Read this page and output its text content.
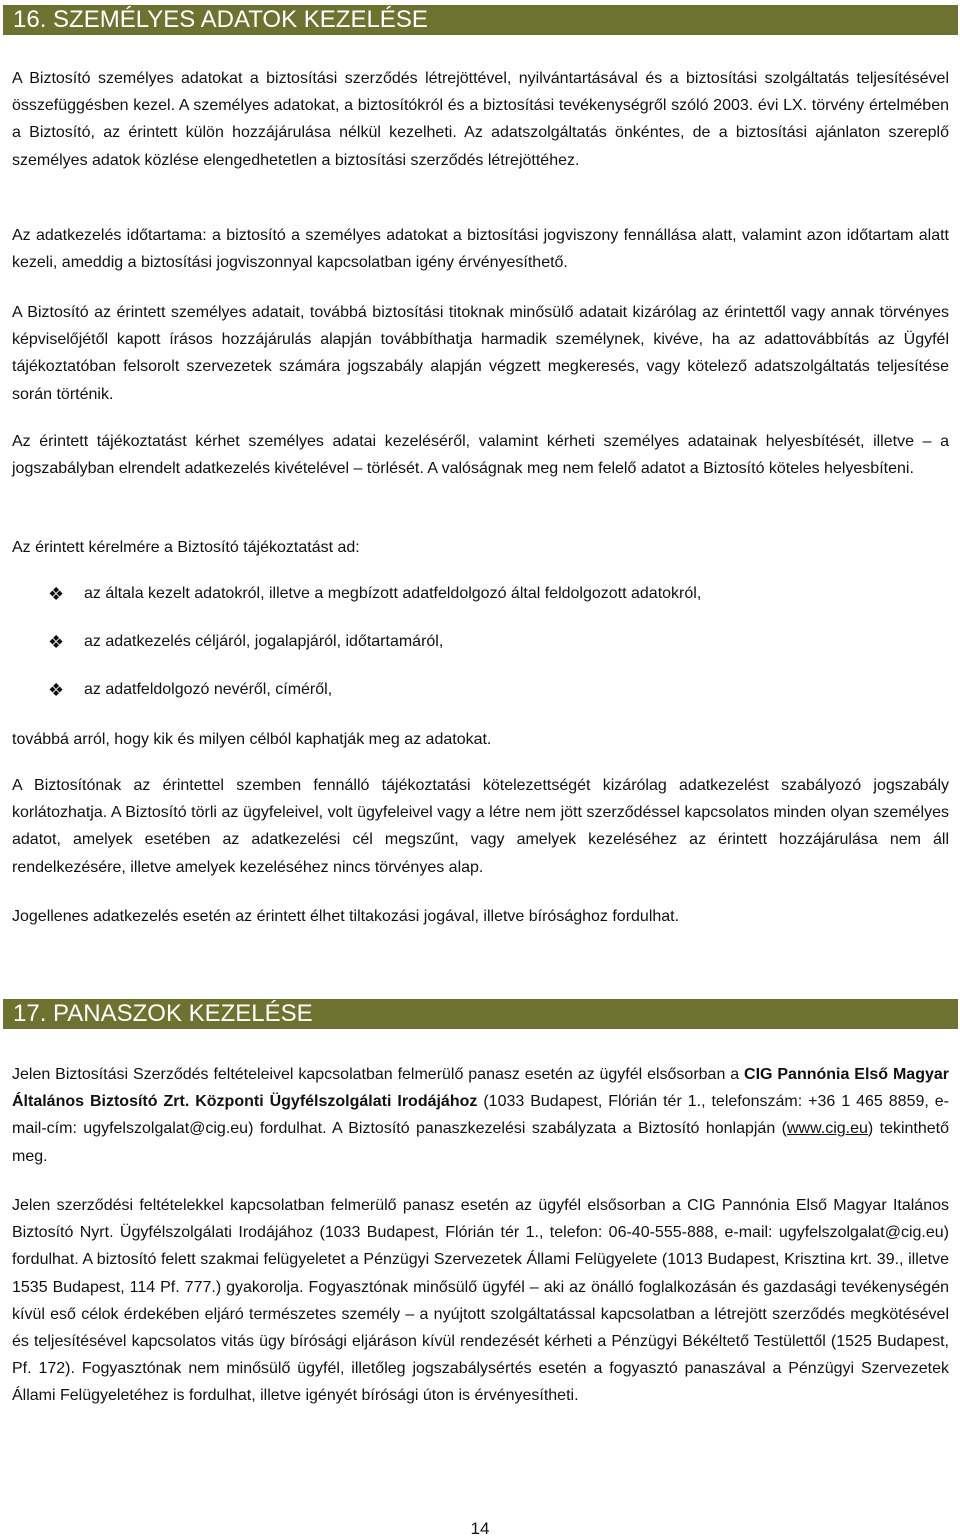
16. SZEMÉLYES ADATOK KEZELÉSE

A Biztosító személyes adatokat a biztosítási szerződés létrejöttével, nyilvántartásával és a biztosítási szolgáltatás teljesítésével összefüggésben kezel. A személyes adatokat, a biztosítókról és a biztosítási tevékenységről szóló 2003. évi LX. törvény értelmében a Biztosító, az érintett külön hozzájárulása nélkül kezelheti. Az adatszolgáltatás önkéntes, de a biztosítási ajánlaton szereplő személyes adatok közlése elengedhetetlen a biztosítási szerződés létrejöttéhez.

Az adatkezelés időtartama: a biztosító a személyes adatokat a biztosítási jogviszony fennállása alatt, valamint azon időtartam alatt kezeli, ameddig a biztosítási jogviszonnyal kapcsolatban igény érvényesíthető.

A Biztosító az érintett személyes adatait, továbbá biztosítási titoknak minősülő adatait kizárólag az érintettől vagy annak törvényes képviselőjétől kapott írásos hozzájárulás alapján továbbíthatja harmadik személynek, kivéve, ha az adattovábbítás az Ügyfél tájékoztatóban felsorolt szervezetek számára jogszabály alapján végzett megkeresés, vagy kötelező adatszolgáltatás teljesítése során történik.

Az érintett tájékoztatást kérhet személyes adatai kezeléséről, valamint kérheti személyes adatainak helyesbítését, illetve – a jogszabályban elrendelt adatkezelés kivételével – törlését. A valóságnak meg nem felelő adatot a Biztosító köteles helyesbíteni.

Az érintett kérelmére a Biztosító tájékoztatást ad:

❖ az általa kezelt adatokról, illetve a megbízott adatfeldolgozó által feldolgozott adatokról,
❖ az adatkezelés céljáról, jogalapjáról, időtartamáról,
❖ az adatfeldolgozó nevéről, címéről,

továbbá arról, hogy kik és milyen célból kaphatják meg az adatokat.

A Biztosítónak az érintettel szemben fennálló tájékoztatási kötelezettségét kizárólag adatkezelést szabályozó jogszabály korlátozhatja. A Biztosító törli az ügyfeleivel, volt ügyfeleivel vagy a létre nem jött szerződéssel kapcsolatos minden olyan személyes adatot, amelyek esetében az adatkezelési cél megszűnt, vagy amelyek kezeléséhez az érintett hozzájárulása nem áll rendelkezésére, illetve amelyek kezeléséhez nincs törvényes alap.

Jogellenes adatkezelés esetén az érintett élhet tiltakozási jogával, illetve bírósághoz fordulhat.

17. PANASZOK KEZELÉSE

Jelen Biztosítási Szerződés feltételeivel kapcsolatban felmerülő panasz esetén az ügyfél elsősorban a CIG Pannónia Első Magyar Általános Biztosító Zrt. Központi Ügyfélszolgálati Irodájához (1033 Budapest, Flórián tér 1., telefonszám: +36 1 465 8859, e-mail-cím: ugyfelszolgalat@cig.eu) fordulhat. A Biztosító panaszkezelési szabályzata a Biztosító honlapján (www.cig.eu) tekinthető meg.

Jelen szerződési feltételekkel kapcsolatban felmerülő panasz esetén az ügyfél elsősorban a CIG Pannónia Első Magyar Italános Biztosító Nyrt. Ügyfélszolgálati Irodájához (1033 Budapest, Flórián tér 1., telefon: 06-40-555-888, e-mail: ugyfelszolgalat@cig.eu) fordulhat. A biztosító felett szakmai felügyeletet a Pénzügyi Szervezetek Állami Felügyelete (1013 Budapest, Krisztina krt. 39., illetve 1535 Budapest, 114 Pf. 777.) gyakorolja. Fogyasztónak minősülő ügyfél – aki az önálló foglalkozásán és gazdasági tevékenységén kívül eső célok érdekében eljáró természetes személy – a nyújtott szolgáltatással kapcsolatban a létrejött szerződés megkötésével és teljesítésével kapcsolatos vitás ügy bírósági eljáráson kívül rendezését kérheti a Pénzügyi Békéltető Testülettől (1525 Budapest, Pf. 172). Fogyasztónak nem minősülő ügyfél, illetőleg jogszabálysértés esetén a fogyasztó panaszával a Pénzügyi Szervezetek Állami Felügyeletéhez is fordulhat, illetve igényét bírósági úton is érvényesítheti.

14
